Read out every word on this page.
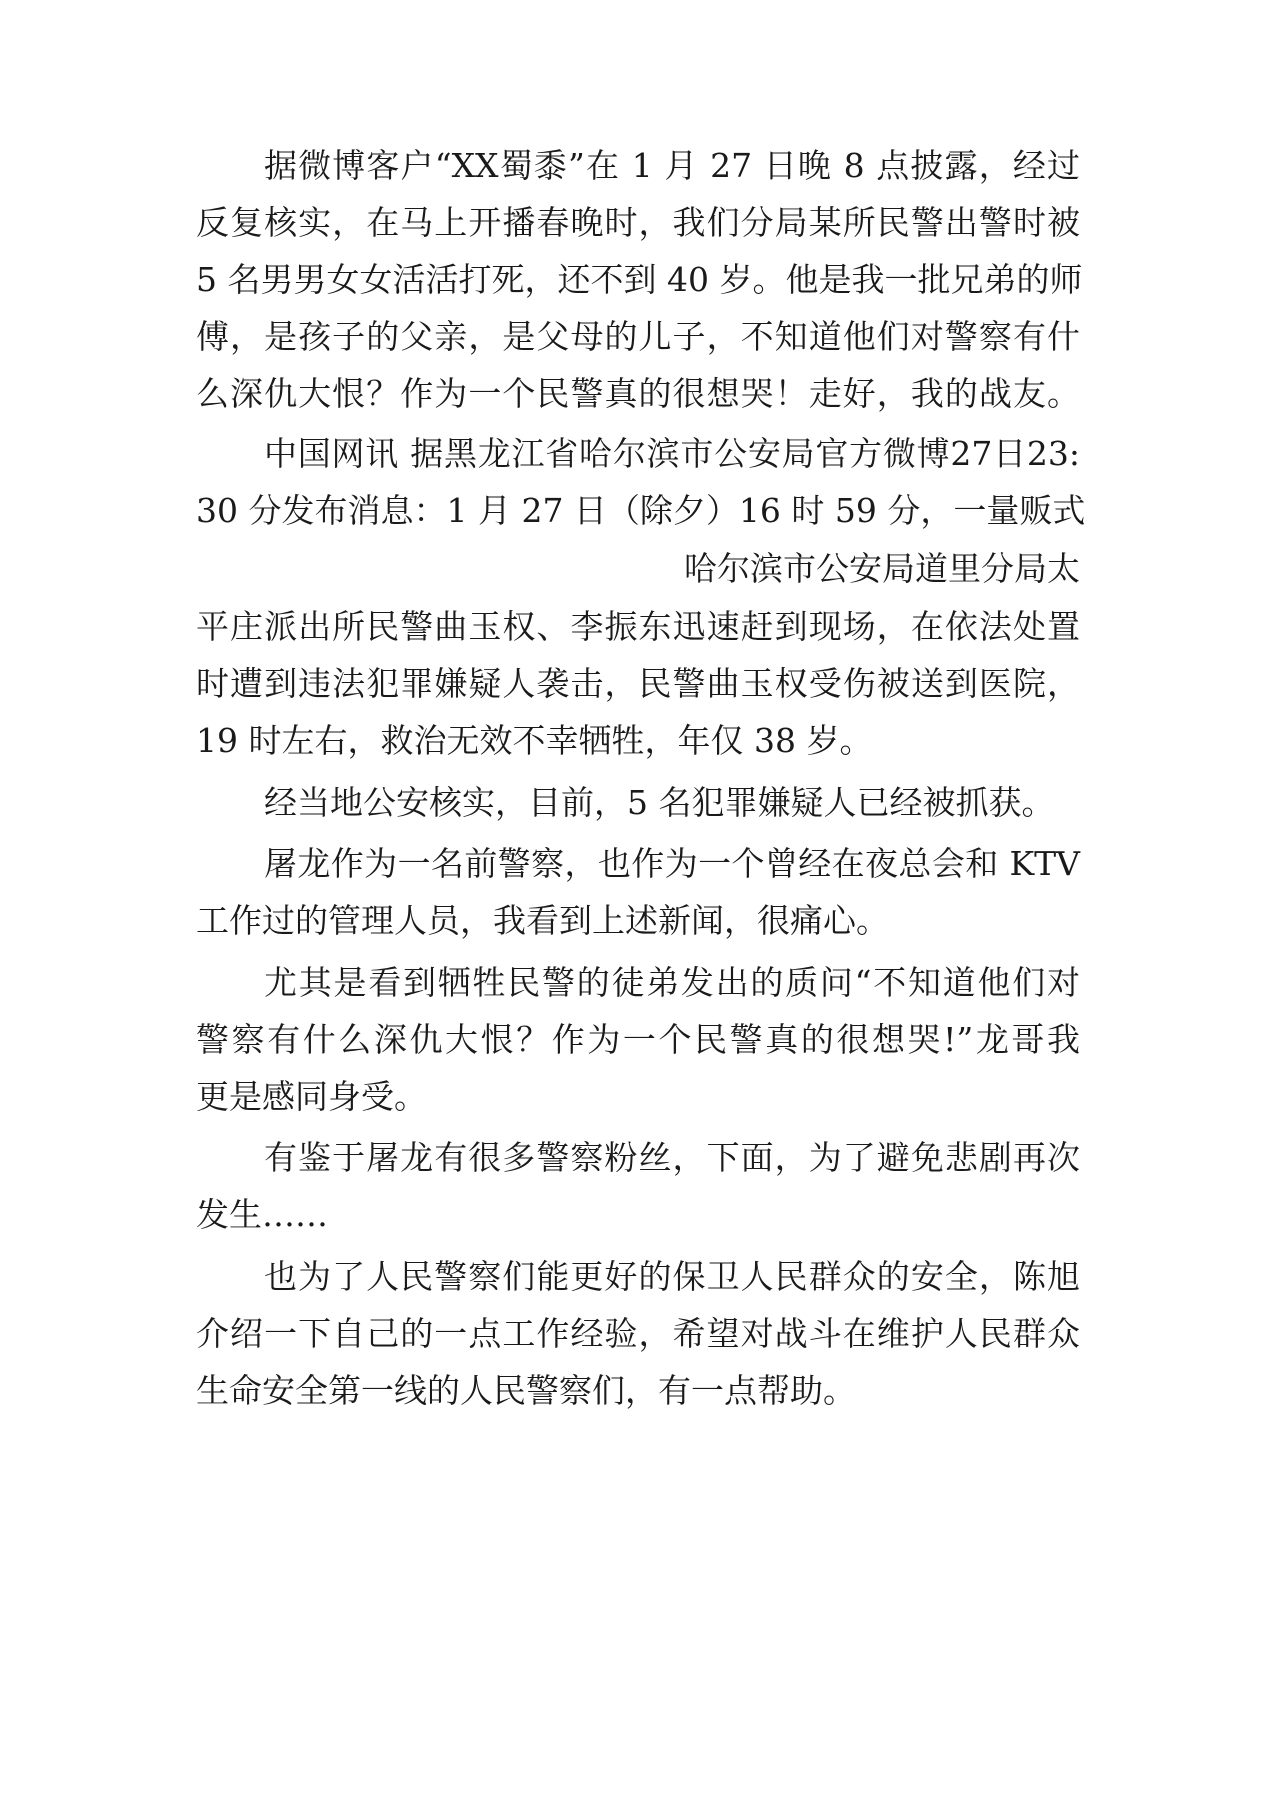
据微博客户“XX蜀黍”在 1 月 27 日晚 8 点披露，经过
反复核实，在马上开播春晚时，我们分局某所民警出警时被
5 名男男女女活活打死，还不到 40 岁。他是我一批兄弟的师
傅，是孩子的父亲，是父母的儿子，不知道他们对警察有什
么深仇大恨？作为一个民警真的很想哭！走好，我的战友。
中国网讯 据黑龙江省哈尔滨市公安局官方微博27日23:
30 分发布消息：1 月 27 日（除夕）16 时 59 分，一量贩式
哈尔滨市公安局道里分局太
平庄派出所民警曲玉权、李振东迅速赶到现场，在依法处置
时遭到违法犯罪嫌疑人袭击，民警曲玉权受伤被送到医院，
19 时左右，救治无效不幸牺牲，年仅 38 岁。
经当地公安核实，目前，5 名犯罪嫌疑人已经被抓获。
屠龙作为一名前警察，也作为一个曾经在夜总会和 KTV
工作过的管理人员，我看到上述新闻，很痛心。
尤其是看到牺牲民警的徒弟发出的质问“不知道他们对
警察有什么深仇大恨？作为一个民警真的很想哭!”龙哥我
更是感同身受。
有鉴于屠龙有很多警察粉丝，下面，为了避免悲剧再次
发生……
也为了人民警察们能更好的保卫人民群众的安全，陈旭
介绍一下自己的一点工作经验，希望对战斗在维护人民群众
生命安全第一线的人民警察们，有一点帮助。
